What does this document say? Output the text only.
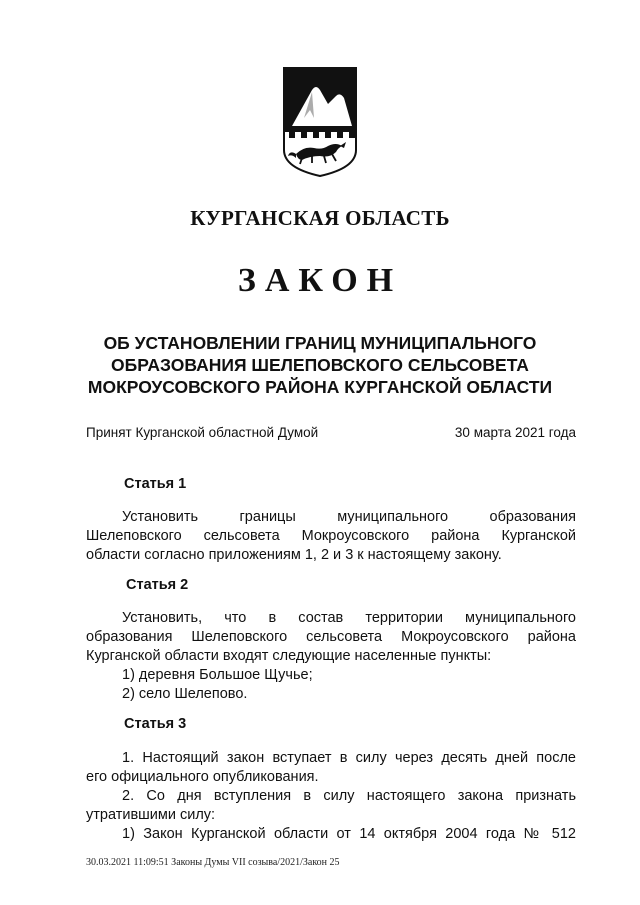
КУРГАНСКАЯ ОБЛАСТЬ
ЗАКОН
ОБ УСТАНОВЛЕНИИ ГРАНИЦ МУНИЦИПАЛЬНОГО
ОБРАЗОВАНИЯ ШЕЛЕПОВСКОГО СЕЛЬСОВЕТА
МОКРОУСОВСКОГО РАЙОНА КУРГАНСКОЙ ОБЛАСТИ
Принят Курганской областной Думой	30 марта 2021 года
Статья 1
Установить границы муниципального образования
Шелеповского сельсовета Мокроусовского района Курганской
области согласно приложениям 1, 2 и 3 к настоящему закону.
Статья 2
Установить, что в состав территории муниципального
образования Шелеповского сельсовета Мокроусовского района
Курганской области входят следующие населенные пункты:
1) деревня Большое Щучье;
2) село Шелепово.
Статья 3
1. Настоящий закон вступает в силу через десять дней после
его официального опубликования.
2. Со дня вступления в силу настоящего закона признать
утратившими силу:
1) Закон Курганской области от 14 октября 2004 года № 512
30.03.2021 11:09:51 Законы Думы VII созыва/2021/Закон 25
